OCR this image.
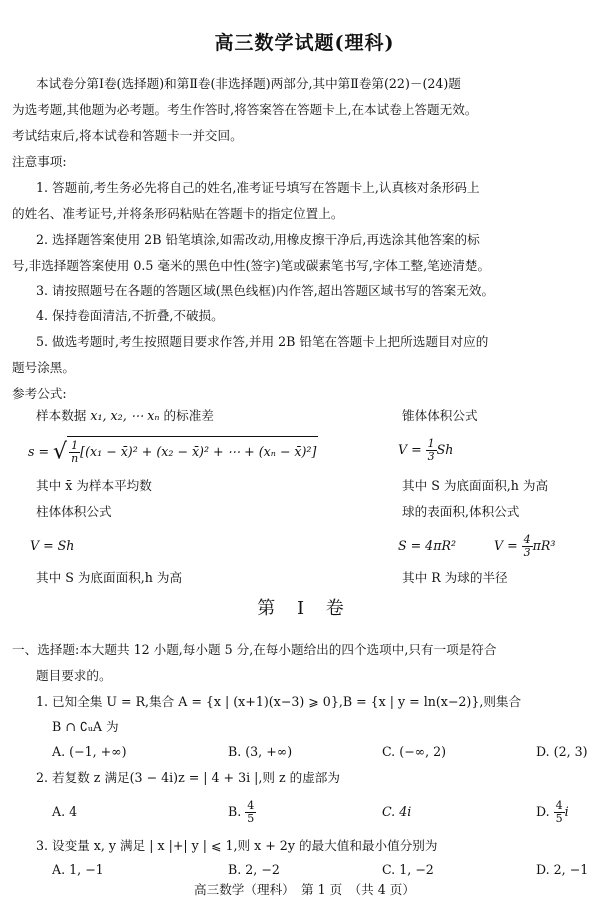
高三数学试题(理科)
本试卷分第Ⅰ卷(选择题)和第Ⅱ卷(非选择题)两部分,其中第Ⅱ卷第(22)－(24)题
为选考题,其他题为必考题。考生作答时,将答案答在答题卡上,在本试卷上答题无效。
考试结束后,将本试卷和答题卡一并交回。
注意事项:
1. 答题前,考生务必先将自己的姓名,准考证号填写在答题卡上,认真核对条形码上
的姓名、准考证号,并将条形码粘贴在答题卡的指定位置上。
2. 选择题答案使用 2B 铅笔填涂,如需改动,用橡皮擦干净后,再选涂其他答案的标
号,非选择题答案使用 0.5 毫米的黑色中性(签字)笔或碳素笔书写,字体工整,笔迹清楚。
3. 请按照题号在各题的答题区域(黑色线框)内作答,超出答题区域书写的答案无效。
4. 保持卷面清洁,不折叠,不破损。
5. 做选考题时,考生按照题目要求作答,并用 2B 铅笔在答题卡上把所选题目对应的
题号涂黑。
参考公式:
样本数据 x₁, x₂, ⋯ xₙ 的标准差
s = √ $\frac{1}{n} [(x_1$ − x̄)² + (x₂ − x̄)² + ⋯ + (xₙ − x̄)²]
其中 x̄ 为样本平均数
柱体体积公式
V = Sh
其中 S 为底面面积,h 为高
锥体体积公式
$V = \frac{1}{3}$ Sh
其中 S 为底面面积,h 为高
球的表面积,体积公式
S = 4πR²	$V = \frac{4}{3} \pi R^3$
其中 R 为球的半径
第 Ⅰ 卷
一、选择题:本大题共 12 小题,每小题 5 分,在每小题给出的四个选项中,只有一项是符合
题目要求的。
1. 已知全集 U = R,集合 A = {x | (x+1)(x−3) ⩾ 0},B = {x | y = ln(x−2)},则集合
B ∩ ∁ᵤA 为
A. (−1, +∞)	B. (3, +∞)	C. (−∞, 2)	D. (2, 3)
2. 若复数 z 满足(3 − 4i)z = | 4 + 3i |,则 z 的虚部为
A. 4	B. $\frac{4}{5}$	C. 4i	D. $\frac{4}{5}$ i
3. 设变量 x, y 满足 | x |+| y | ⩽ 1,则 x + 2y 的最大值和最小值分别为
A. 1, −1	B. 2, −2	C. 1, −2	D. 2, −1
高三数学（理科）　第 1 页　（共 4 页）
